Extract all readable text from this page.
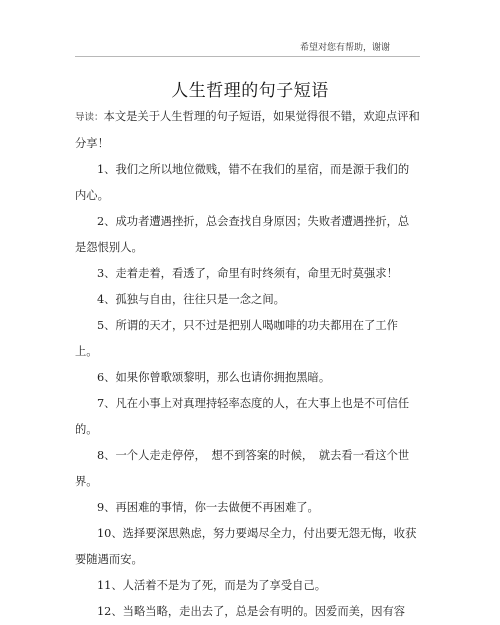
希望对您有帮助，谢谢
人生哲理的句子短语

导读：本文是关于人生哲理的句子短语，如果觉得很不错，欢迎点评和分享！

1、我们之所以地位微贱，错不在我们的星宿，而是源于我们的内心。

2、成功者遭遇挫折，总会查找自身原因；失败者遭遇挫折，总是怨恨别人。

3、走着走着，看透了，命里有时终须有，命里无时莫强求！

4、孤独与自由，往往只是一念之间。

5、所谓的天才，只不过是把别人喝咖啡的功夫都用在了工作上。

6、如果你曾歌颂黎明，那么也请你拥抱黑暗。

7、凡在小事上对真理持轻率态度的人，在大事上也是不可信任的。

8、一个人走走停停，　想不到答案的时候，　就去看一看这个世界。

9、再困难的事情，你一去做便不再困难了。

10、选择要深思熟虑，努力要竭尽全力，付出要无怨无悔，收获要随遇而安。

11、人活着不是为了死，而是为了享受自己。

12、当略当略，走出去了，总是会有明的。因爱而美，因有容
